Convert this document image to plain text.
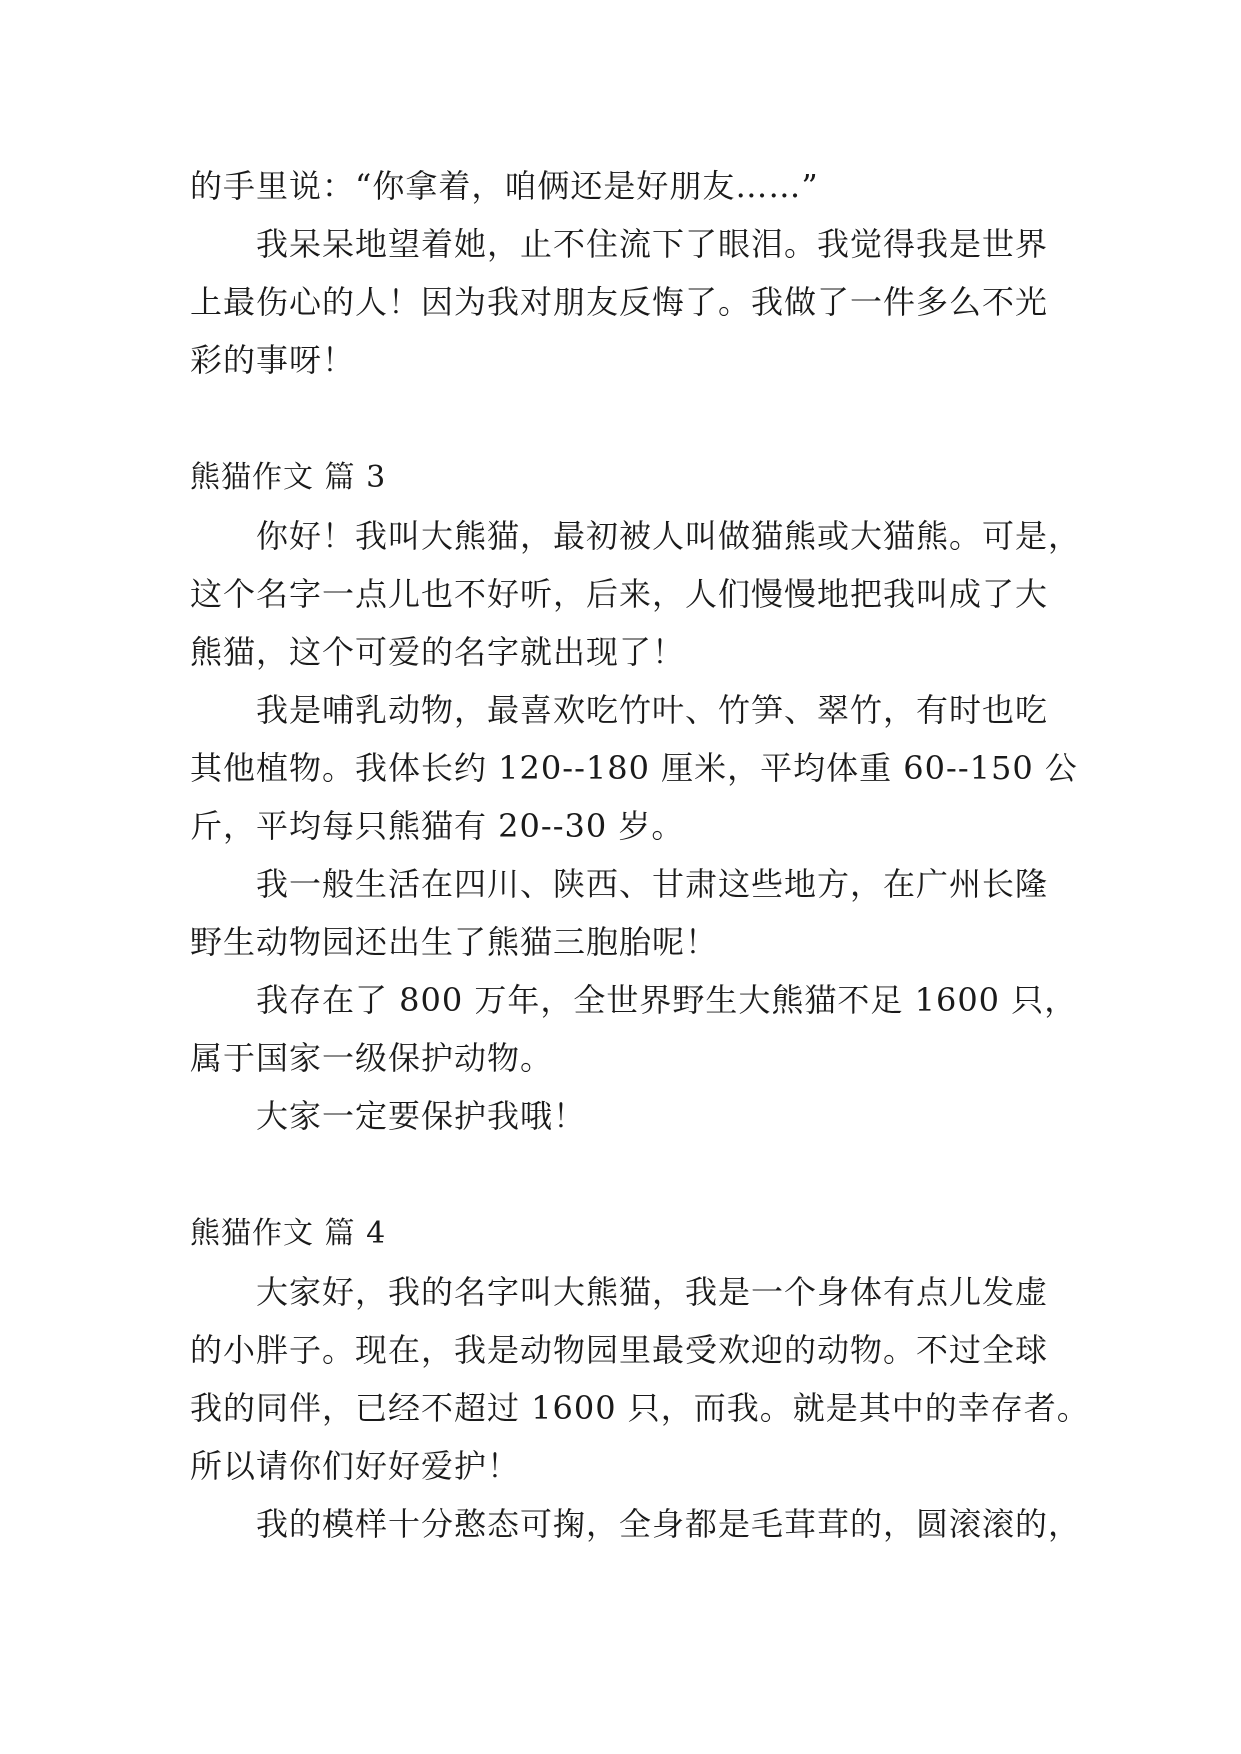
的手里说：“你拿着，咱俩还是好朋友……”
我呆呆地望着她，止不住流下了眼泪。我觉得我是世界
上最伤心的人！因为我对朋友反悔了。我做了一件多么不光
彩的事呀！
熊猫作文 篇 3
你好！我叫大熊猫，最初被人叫做猫熊或大猫熊。可是，
这个名字一点儿也不好听，后来，人们慢慢地把我叫成了大
熊猫，这个可爱的名字就出现了！
我是哺乳动物，最喜欢吃竹叶、竹笋、翠竹，有时也吃
其他植物。我体长约 120--180 厘米，平均体重 60--150 公
斤，平均每只熊猫有 20--30 岁。
我一般生活在四川、陕西、甘肃这些地方，在广州长隆
野生动物园还出生了熊猫三胞胎呢！
我存在了 800 万年，全世界野生大熊猫不足 1600 只，
属于国家一级保护动物。
大家一定要保护我哦！
熊猫作文 篇 4
大家好，我的名字叫大熊猫，我是一个身体有点儿发虚
的小胖子。现在，我是动物园里最受欢迎的动物。不过全球
我的同伴，已经不超过 1600 只，而我。就是其中的幸存者。
所以请你们好好爱护！
我的模样十分憨态可掬，全身都是毛茸茸的，圆滚滚的，
